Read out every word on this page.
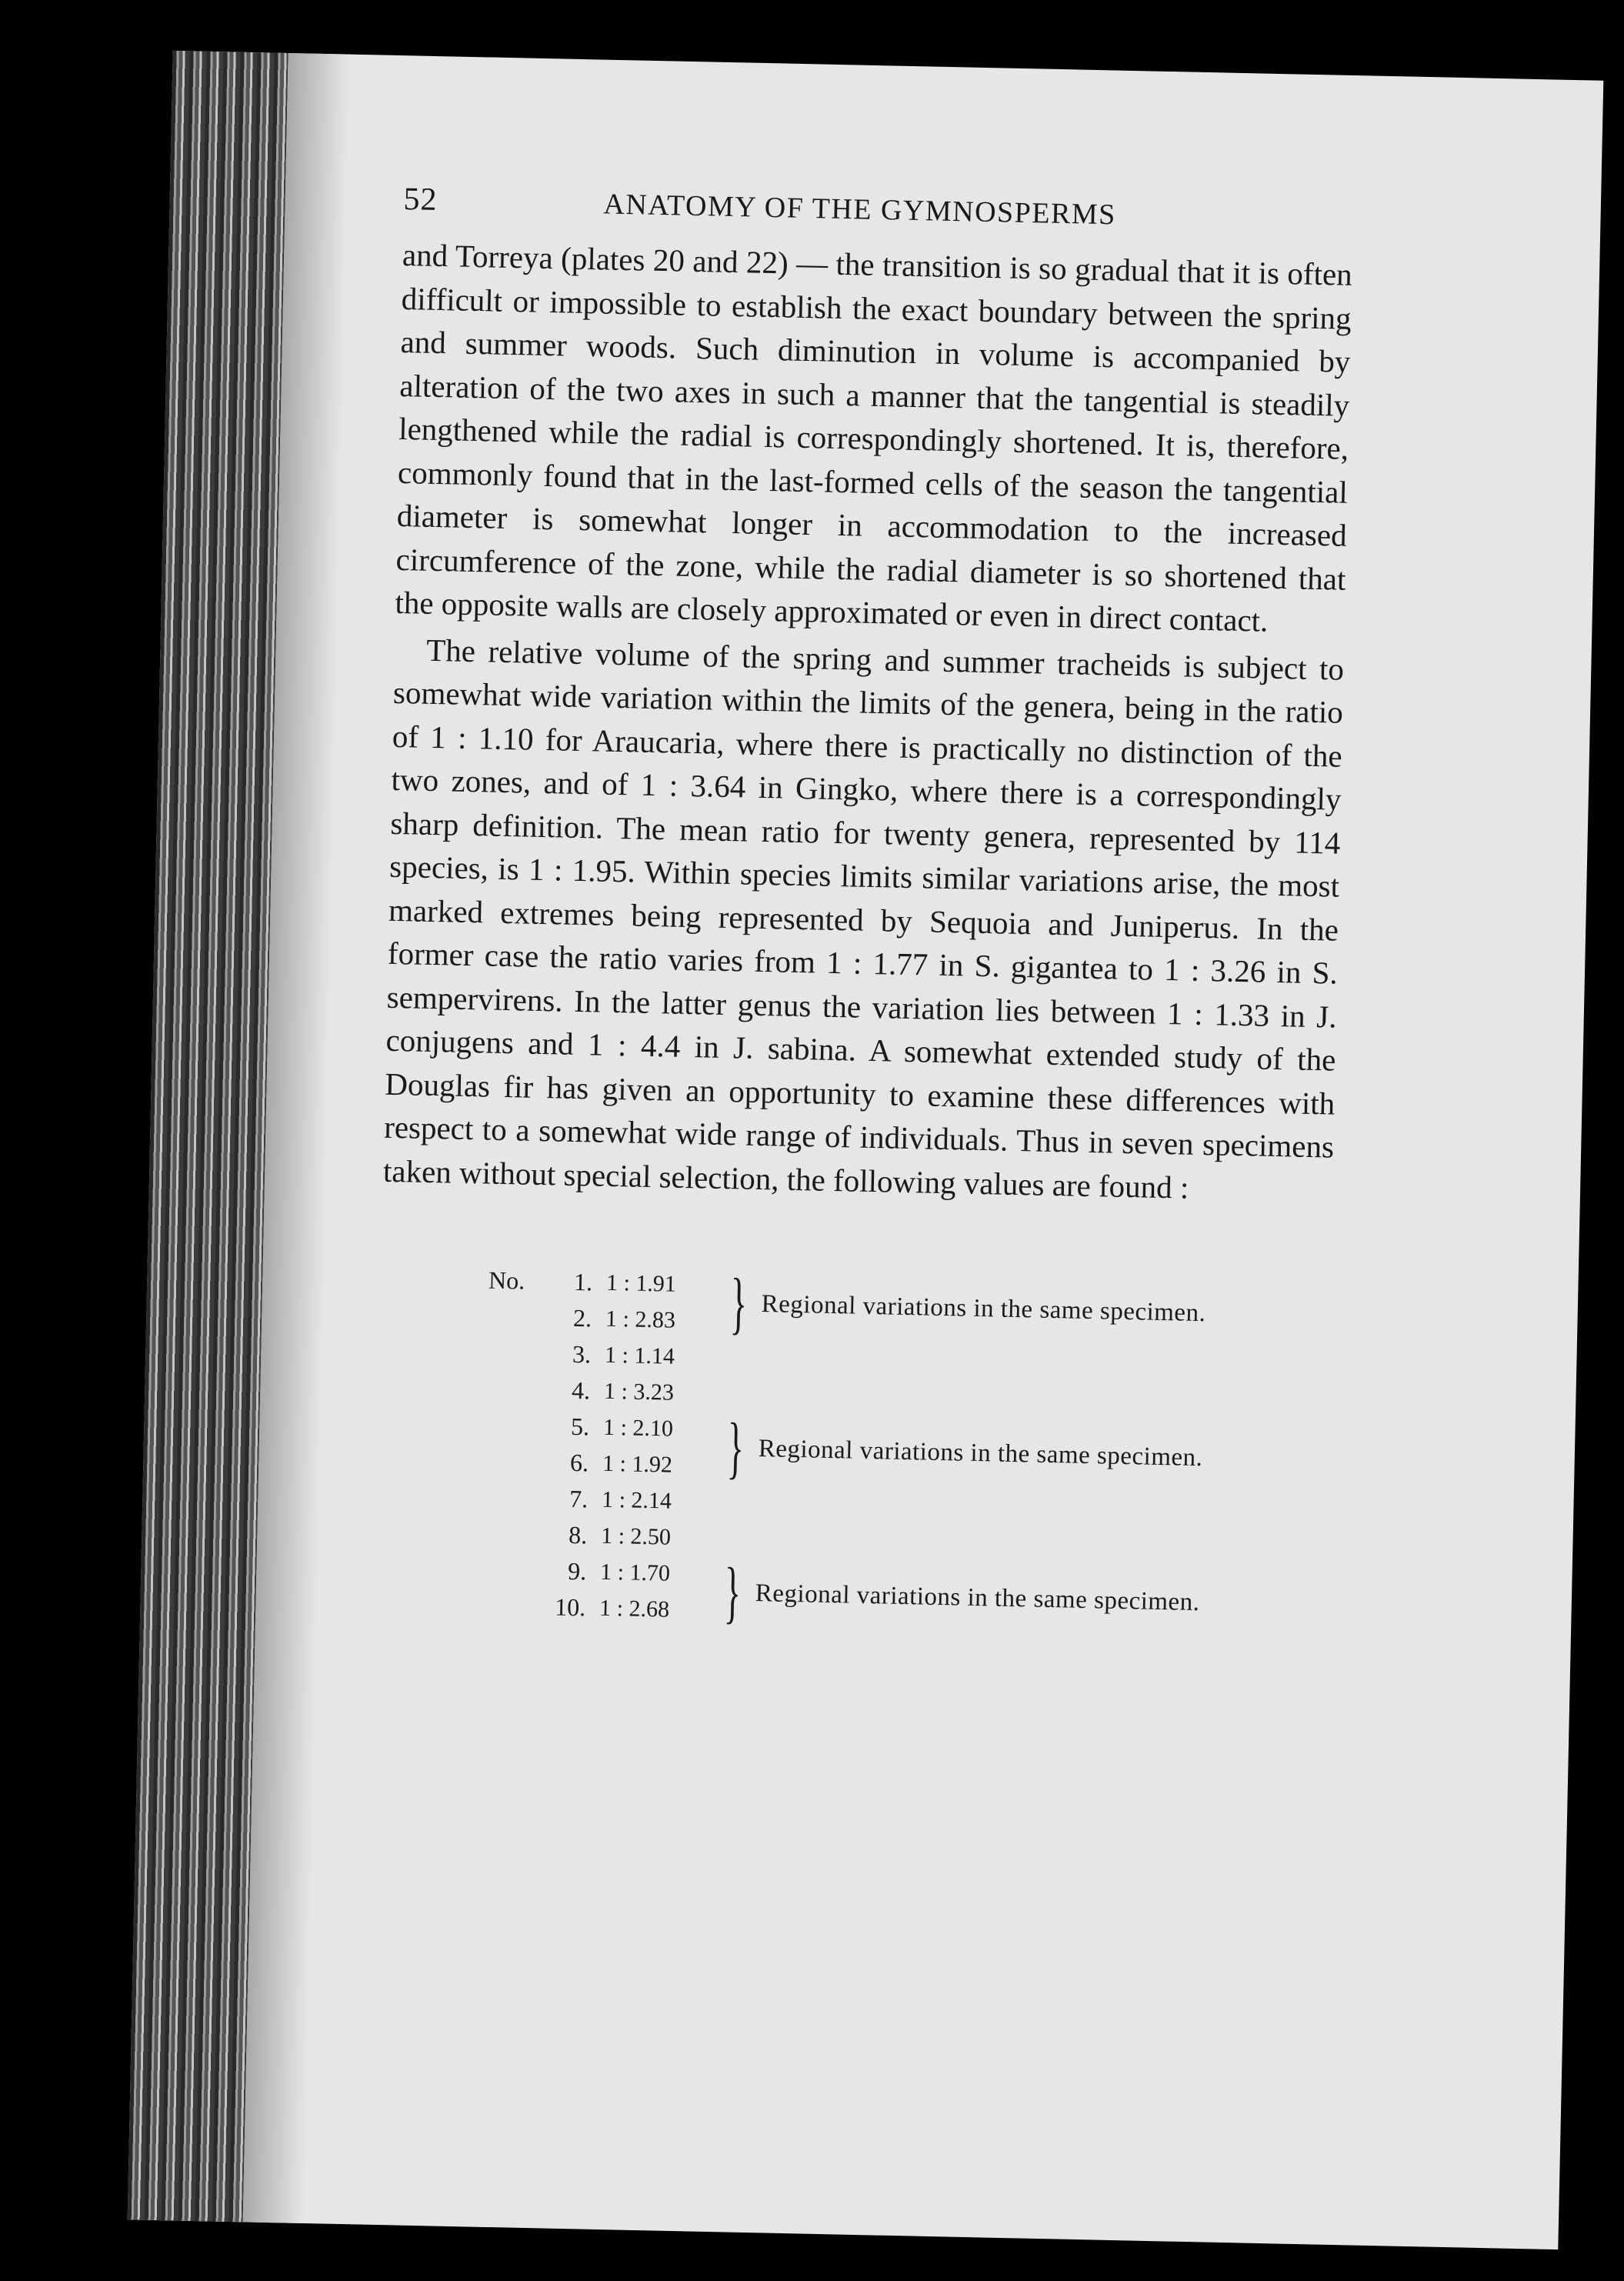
52	ANATOMY OF THE GYMNOSPERMS

and Torreya (plates 20 and 22) — the transition is so gradual that it is often difficult or impossible to establish the exact boundary between the spring and summer woods. Such diminution in volume is accompanied by alteration of the two axes in such a manner that the tangential is steadily lengthened while the radial is correspondingly shortened. It is, therefore, commonly found that in the last-formed cells of the season the tangential diameter is somewhat longer in accommodation to the increased circumference of the zone, while the radial diameter is so shortened that the opposite walls are closely approximated or even in direct contact.

The relative volume of the spring and summer tracheids is subject to somewhat wide variation within the limits of the genera, being in the ratio of 1 : 1.10 for Araucaria, where there is practically no distinction of the two zones, and of 1 : 3.64 in Gingko, where there is a correspondingly sharp definition. The mean ratio for twenty genera, represented by 114 species, is 1 : 1.95. Within species limits similar variations arise, the most marked extremes being represented by Sequoia and Juniperus. In the former case the ratio varies from 1 : 1.77 in S. gigantea to 1 : 3.26 in S. sempervirens. In the latter genus the variation lies between 1 : 1.33 in J. conjugens and 1 : 4.4 in J. sabina. A somewhat extended study of the Douglas fir has given an opportunity to examine these differences with respect to a somewhat wide range of individuals. Thus in seven specimens taken without special selection, the following values are found :

No.	1. 1 : 1.91
2. 1 : 2.83 } Regional variations in the same specimen.
3. 1 : 1.14
4. 1 : 3.23
5. 1 : 2.10
6. 1 : 1.92 } Regional variations in the same specimen.
7. 1 : 2.14
8. 1 : 2.50
9. 1 : 1.70
10. 1 : 2.68 } Regional variations in the same specimen.
